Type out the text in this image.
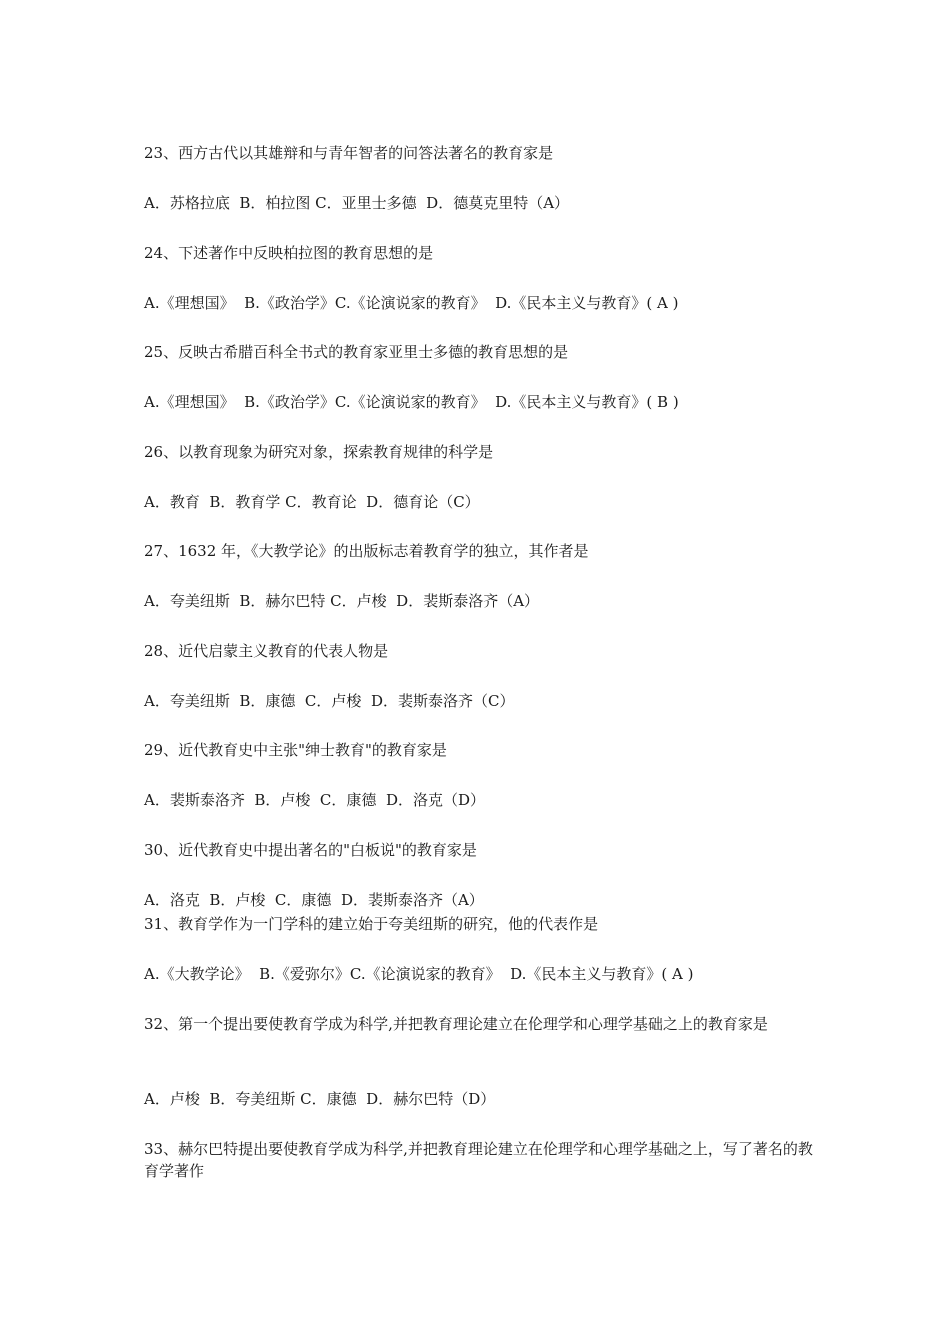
23、西方古代以其雄辩和与青年智者的问答法著名的教育家是

A．苏格拉底  B．柏拉图 C．亚里士多德  D．德莫克里特（A）

24、下述著作中反映柏拉图的教育思想的是

A.《理想国》  B.《政治学》C.《论演说家的教育》  D.《民本主义与教育》( A )

25、反映古希腊百科全书式的教育家亚里士多德的教育思想的是

A.《理想国》  B.《政治学》C.《论演说家的教育》  D.《民本主义与教育》( B )

26、以教育现象为研究对象，探索教育规律的科学是

A．教育  B．教育学 C．教育论  D．德育论（C）

27、1632 年，《大教学论》的出版标志着教育学的独立，其作者是

A．夸美纽斯  B．赫尔巴特 C．卢梭  D．裴斯泰洛齐（A）

28、近代启蒙主义教育的代表人物是

A．夸美纽斯  B．康德  C．卢梭  D．裴斯泰洛齐（C）

29、近代教育史中主张"绅士教育"的教育家是

A．裴斯泰洛齐  B．卢梭  C．康德  D．洛克（D）

30、近代教育史中提出著名的"白板说"的教育家是

A．洛克  B．卢梭  C．康德  D．裴斯泰洛齐（A）

31、教育学作为一门学科的建立始于夸美纽斯的研究，他的代表作是

A.《大教学论》  B.《爱弥尔》C.《论演说家的教育》  D.《民本主义与教育》( A )

32、第一个提出要使教育学成为科学,并把教育理论建立在伦理学和心理学基础之上的教育家是

A．卢梭  B．夸美纽斯 C．康德  D．赫尔巴特（D）

33、赫尔巴特提出要使教育学成为科学,并把教育理论建立在伦理学和心理学基础之上，写了著名的教育学著作
